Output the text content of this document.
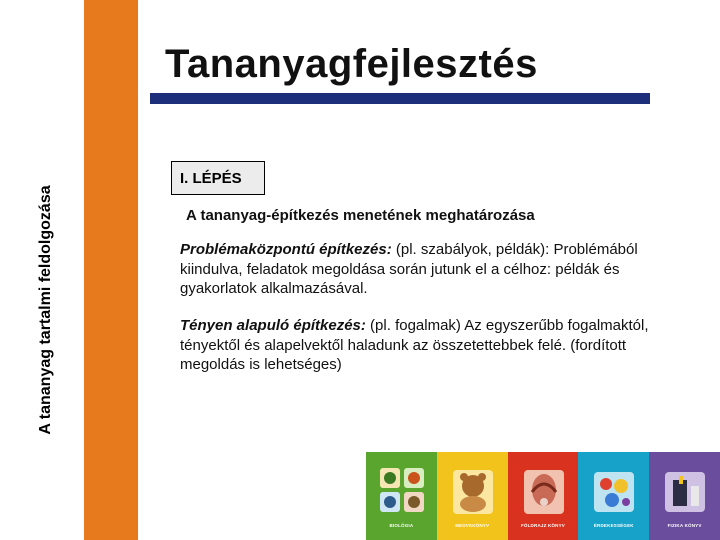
A tananyag tartalmi feldolgozása
Tananyagfejlesztés
I. LÉPÉS
A tananyag-építkezés menetének meghatározása
Problémaközpontú építkezés: (pl. szabályok, példák): Problémából kiindulva, feladatok megoldása során jutunk el a célhoz: példák és gyakorlatok alkalmazásával.
Tényen alapuló építkezés: (pl. fogalmak) Az egyszerűbb fogalmaktól, tényektől és alapelvektől haladunk az összetettebbek felé. (fordított megoldás is lehetséges)
BIOLÓGIA	MEDVEKÖNYV	FÖLDRAJZ KÖNYV	ÉRDEKESSÉGEK	FIZIKA KÖNYV
